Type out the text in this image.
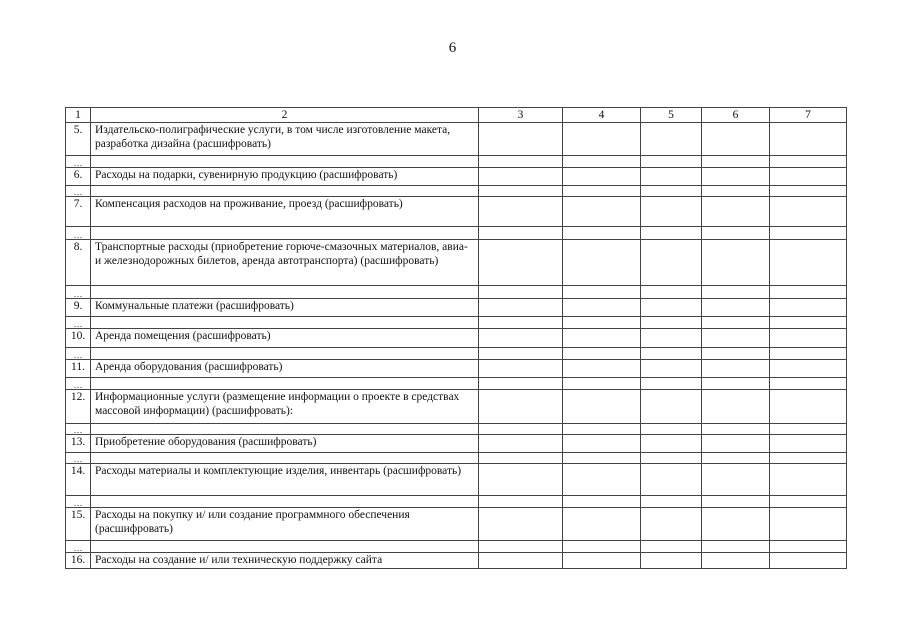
6
1	2	3	4	5	6	7
5.	Издательско-полиграфические услуги, в том числе изготовление макета, разработка дизайна (расшифровать)					
…						
6.	Расходы на подарки, сувенирную продукцию (расшифровать)					
…						
7.	Компенсация расходов на проживание, проезд (расшифровать)					
…						
8.	Транспортные расходы (приобретение горюче-смазочных материалов, авиа- и железнодорожных билетов, аренда автотранспорта) (расшифровать)					
…						
9.	Коммунальные платежи (расшифровать)					
…						
10.	Аренда помещения (расшифровать)					
…						
11.	Аренда оборудования (расшифровать)					
…						
12.	Информационные услуги (размещение информации о проекте в средствах массовой информации) (расшифровать):					
…						
13.	Приобретение оборудования (расшифровать)					
…						
14.	Расходы материалы и комплектующие изделия, инвентарь (расшифровать)					
…						
15.	Расходы на покупку и/ или создание программного обеспечения (расшифровать)					
…						
16.	Расходы на создание и/ или техническую поддержку сайта					
